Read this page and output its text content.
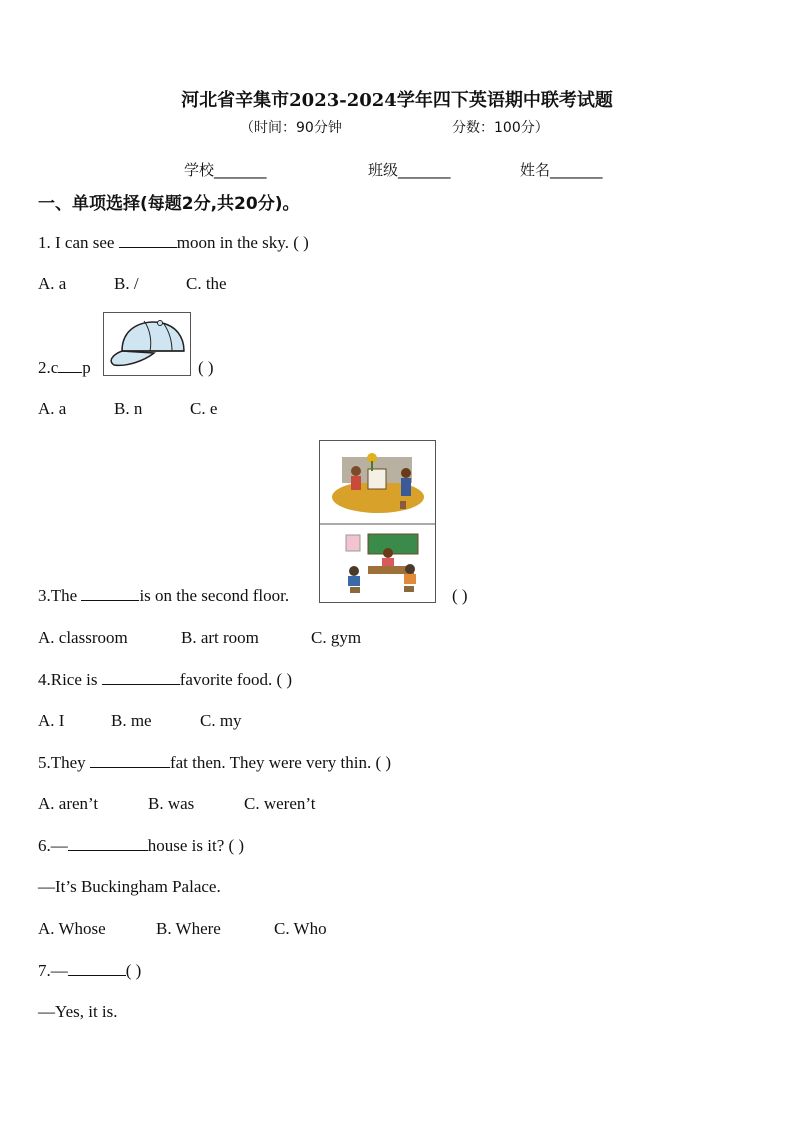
河北省辛集市2023-2024学年四下英语期中联考试题
（时间：90分钟	分数：100分）
学校_______	班级_______	姓名_______
一、单项选择(每题2分,共20分)。
1. I can see	moon in the sky. ( )
A. a	B. /	C. the
2.c p	( )
A. a	B. n	C. e
3.The	is on the second floor.	( )
A. classroom	B. art room	C. gym
4.Rice is	favorite food. ( )
A. I	B. me	C. my
5.They	fat then. They were very thin. ( )
A. aren’t	B. was	C. weren’t
6.—	house is it? ( )
—It’s Buckingham Palace.
A. Whose	B. Where	C. Who
7.—	( )
—Yes, it is.
